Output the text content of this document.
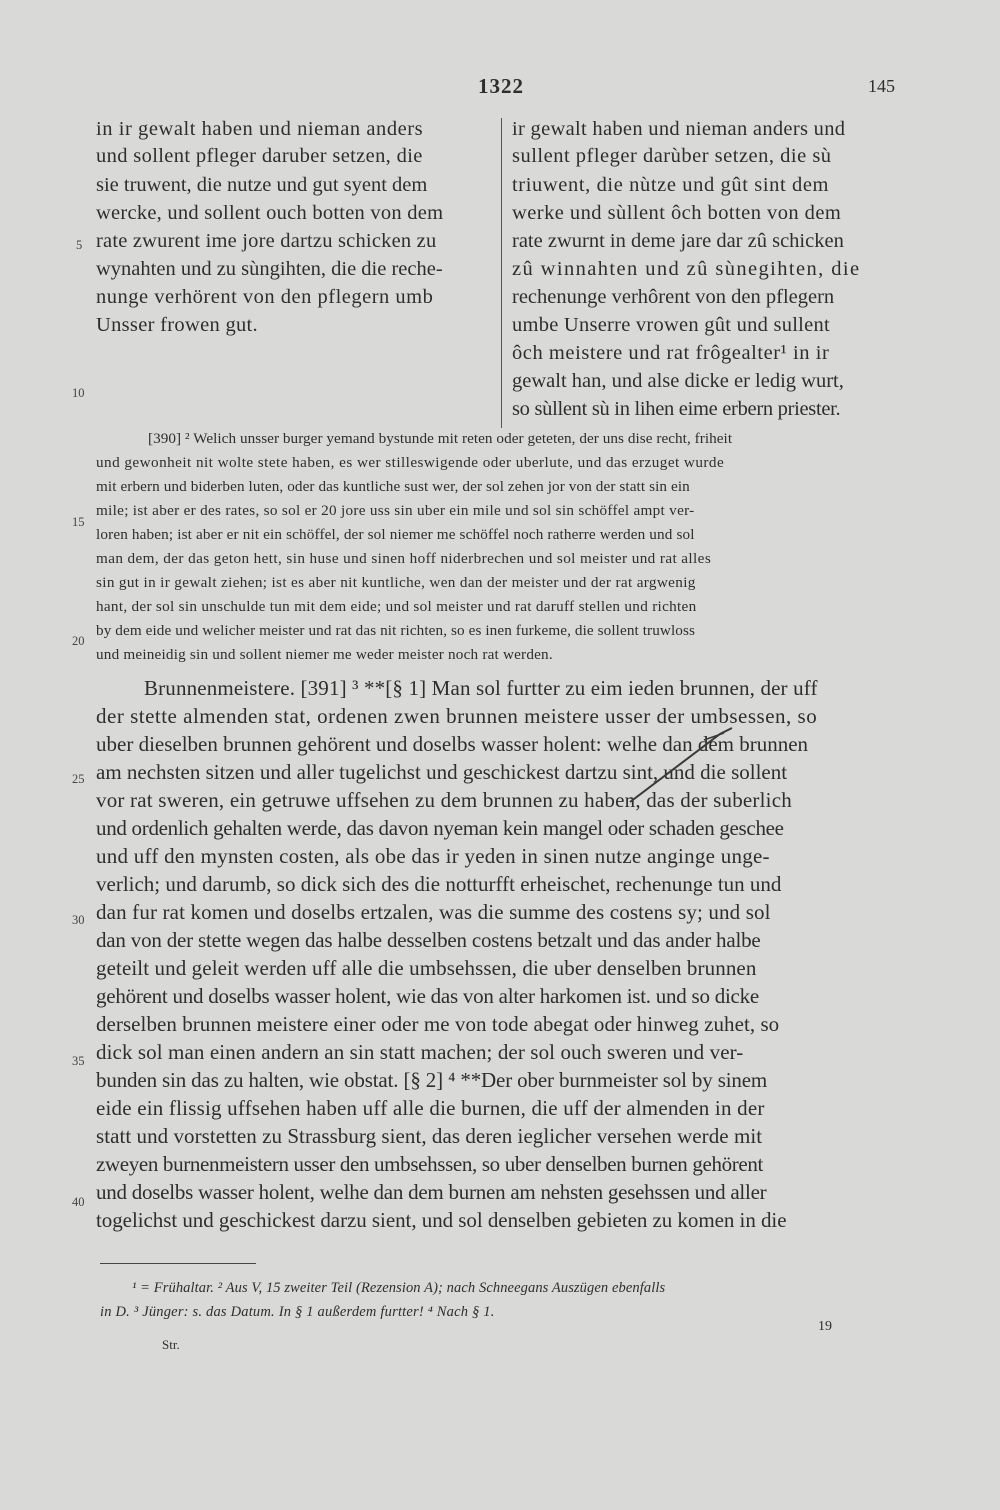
1322	145
in ir gewalt haben und nieman anders
und sollent pfleger daruber setzen, die
sie truwent, die nutze und gut syent dem
wercke, und sollent ouch botten von dem
rate zwurent ime jore dartzu schicken zu
wynahten und zu sùngihten, die die reche-
nunge verhörent von den pflegern umb
Unsser frowen gut.
ir gewalt haben und nieman anders und
sullent pfleger darùber setzen, die sù
triuwent, die nùtze und gût sint dem
werke und sùllent ôch botten von dem
rate zwurnt in deme jare dar zû schicken
zû winnahten und zû sùnegihten, die
rechenunge verhôrent von den pflegern
umbe Unserre vrowen gût und sullent
ôch meistere und rat frôgealter¹ in ir
gewalt han, und alse dicke er ledig wurt,
so sùllent sù in lihen eime erbern priester.
5
10
15
20
25
30
35
40
[390] ² Welich unsser burger yemand bystunde mit reten oder geteten, der uns dise recht, friheit
und gewonheit nit wolte stete haben, es wer stilleswigende oder uberlute, und das erzuget wurde
mit erbern und biderben luten, oder das kuntliche sust wer, der sol zehen jor von der statt sin ein
mile; ist aber er des rates, so sol er 20 jore uss sin uber ein mile und sol sin schöffel ampt ver-
loren haben; ist aber er nit ein schöffel, der sol niemer me schöffel noch ratherre werden und sol
man dem, der das geton hett, sin huse und sinen hoff niderbrechen und sol meister und rat alles
sin gut in ir gewalt ziehen; ist es aber nit kuntliche, wen dan der meister und der rat argwenig
hant, der sol sin unschulde tun mit dem eide; und sol meister und rat daruff stellen und richten
by dem eide und welicher meister und rat das nit richten, so es inen furkeme, die sollent truwloss
und meineidig sin und sollent niemer me weder meister noch rat werden.
Brunnenmeistere. [391] ³ **[§ 1] Man sol furtter zu eim ieden brunnen, der uff
der stette almenden stat, ordenen zwen brunnen meistere usser der umbsessen, so
uber dieselben brunnen gehörent und doselbs wasser holent: welhe dan dem brunnen
am nechsten sitzen und aller tugelichst und geschickest dartzu sint, und die sollent
vor rat sweren, ein getruwe uffsehen zu dem brunnen zu haben, das der suberlich
und ordenlich gehalten werde, das davon nyeman kein mangel oder schaden geschee
und uff den mynsten costen, als obe das ir yeden in sinen nutze anginge unge-
verlich; und darumb, so dick sich des die notturfft erheischet, rechenunge tun und
dan fur rat komen und doselbs ertzalen, was die summe des costens sy; und sol
dan von der stette wegen das halbe desselben costens betzalt und das ander halbe
geteilt und geleit werden uff alle die umbsehssen, die uber denselben brunnen
gehörent und doselbs wasser holent, wie das von alter harkomen ist. und so dicke
derselben brunnen meistere einer oder me von tode abegat oder hinweg zuhet, so
dick sol man einen andern an sin statt machen; der sol ouch sweren und ver-
bunden sin das zu halten, wie obstat. [§ 2] ⁴ **Der ober burnmeister sol by sinem
eide ein flissig uffsehen haben uff alle die burnen, die uff der almenden in der
statt und vorstetten zu Strassburg sient, das deren ieglicher versehen werde mit
zweyen burnenmeistern usser den umbsehssen, so uber denselben burnen gehörent
und doselbs wasser holent, welhe dan dem burnen am nehsten gesehssen und aller
togelichst und geschickest darzu sient, und sol denselben gebieten zu komen in die
¹ = Frühaltar. ² Aus V, 15 zweiter Teil (Rezension A); nach Schneegans Auszügen ebenfalls
in D. ³ Jünger: s. das Datum. In § 1 außerdem furtter! ⁴ Nach § 1.
Str.
19
